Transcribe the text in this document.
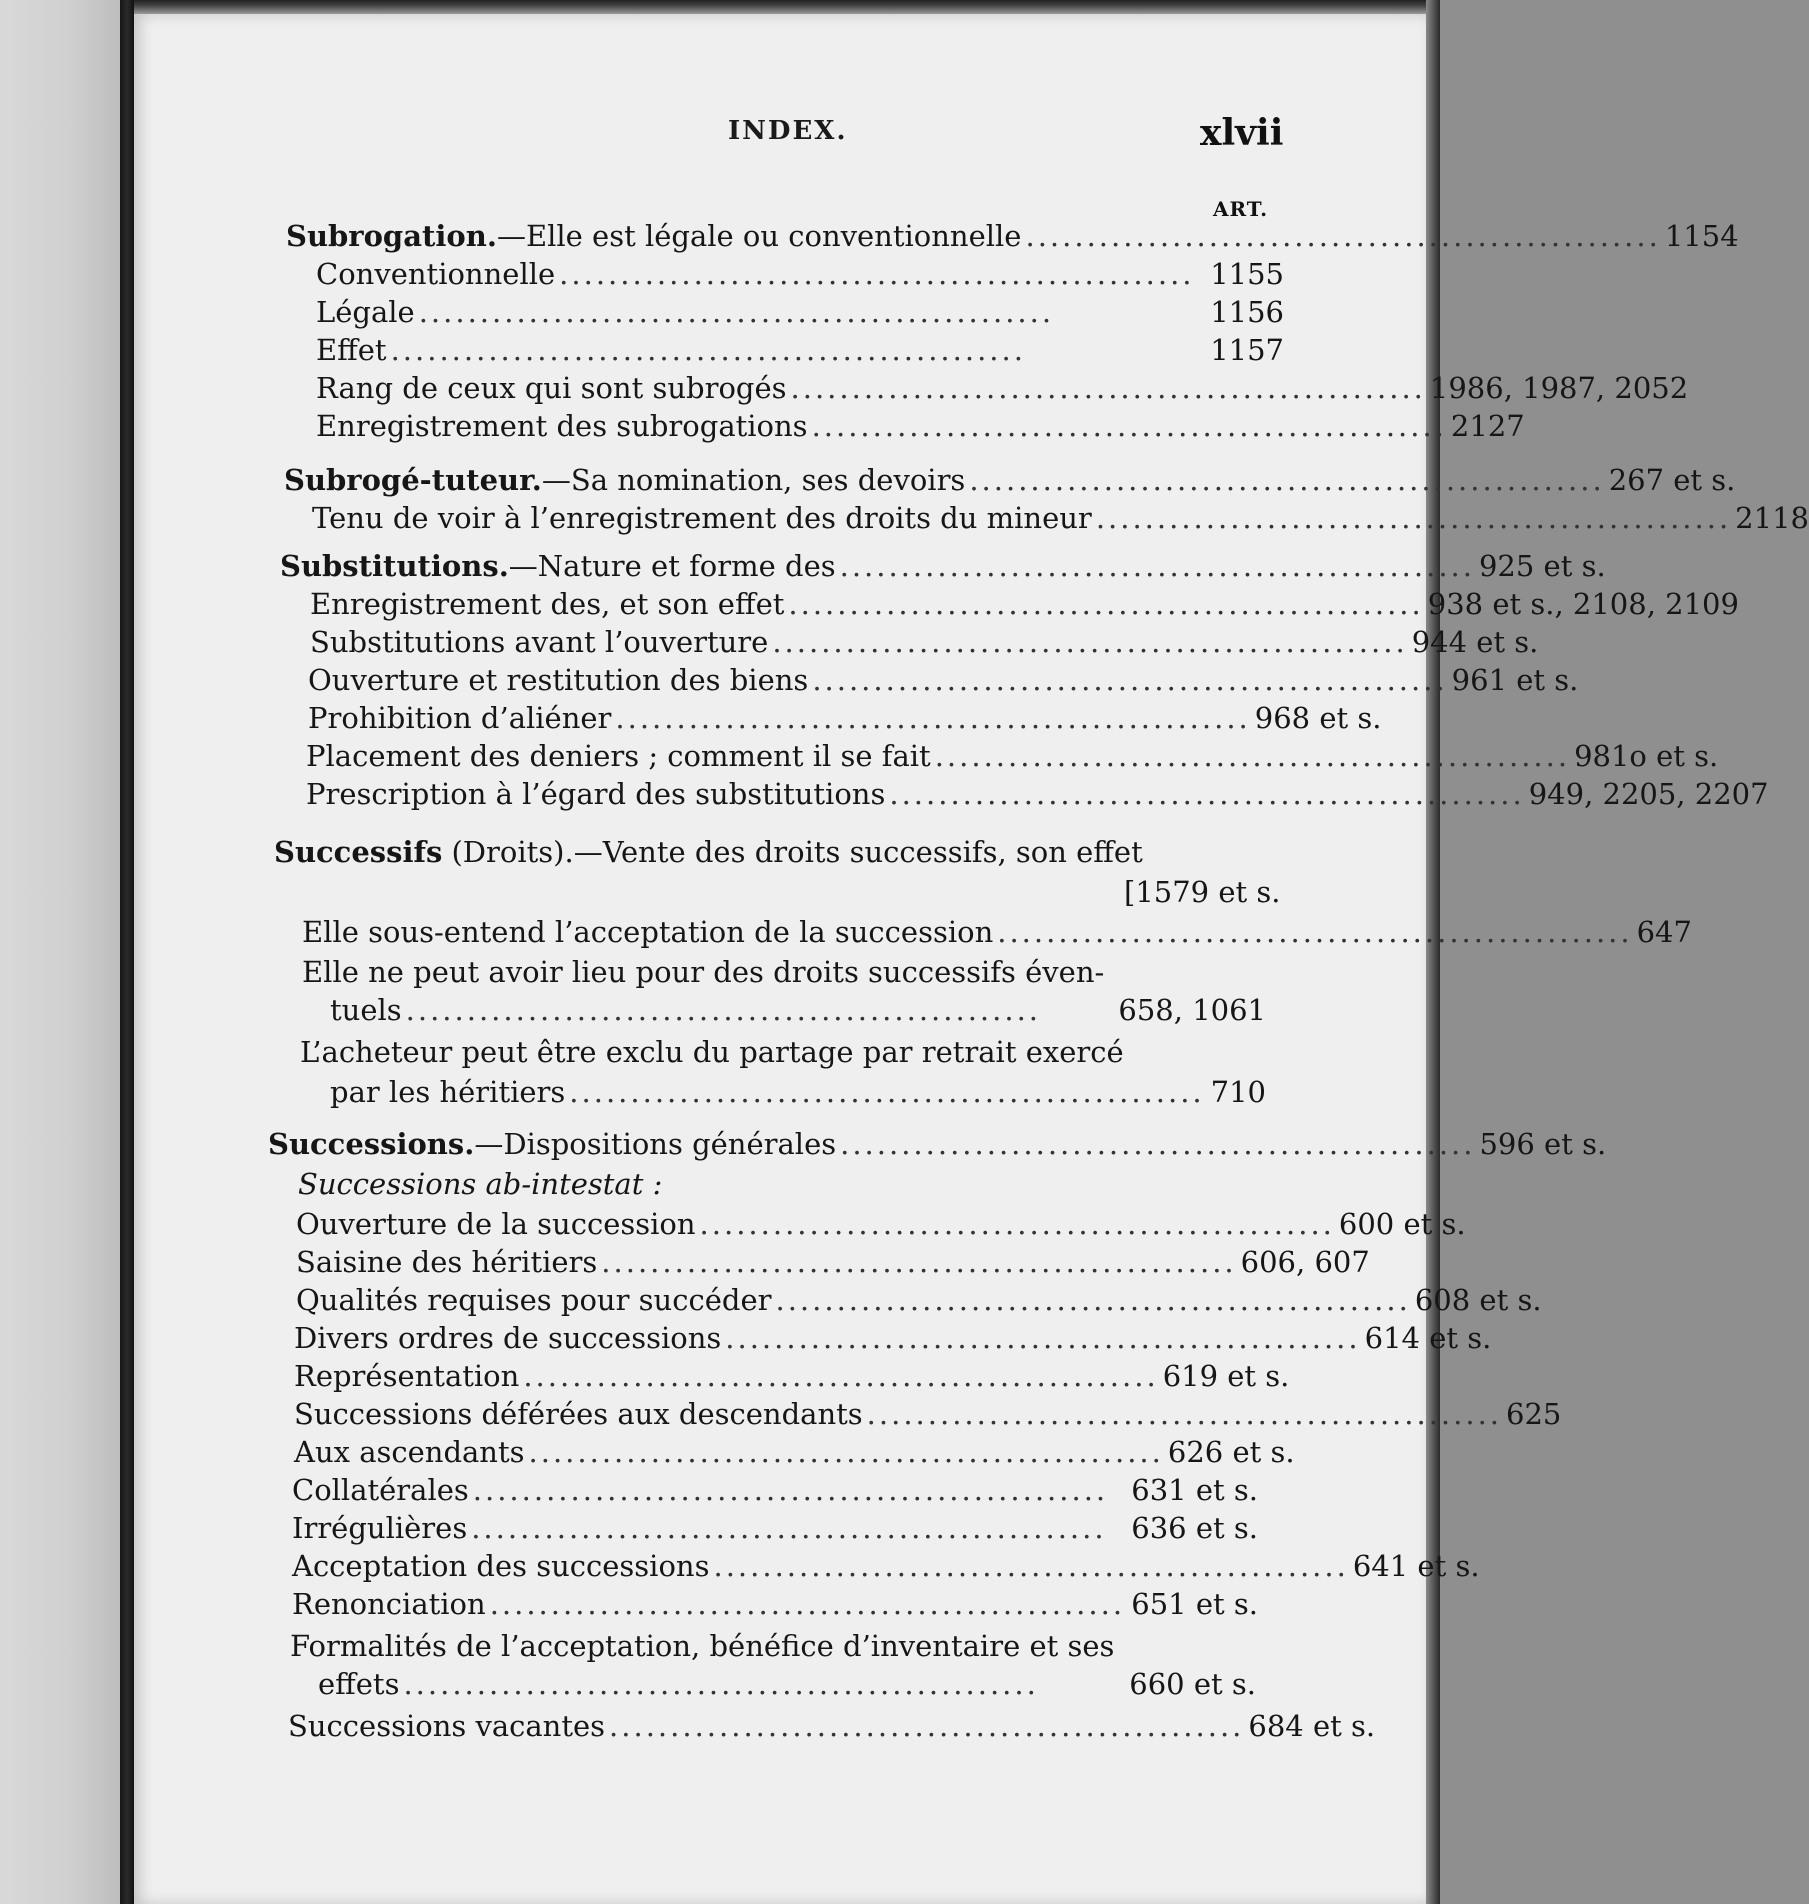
INDEX.	xlvii
ART.
Subrogation.—Elle est légale ou conventionnelle .................................................... 1154
Conventionnelle .................................................... 1155
Légale ....................................................	1156
Effet ....................................................	1157
Rang de ceux qui sont subrogés .................................................... 1986, 1987, 2052
Enregistrement des subrogations .................................................... 2127
Subrogé-tuteur.—Sa nomination, ses devoirs .................................................... 267 et s.
Tenu de voir à l’enregistrement des droits du mineur .................................................... 2118
Substitutions.—Nature et forme des .................................................... 925 et s.
Enregistrement des, et son effet .................................................... 938 et s., 2108, 2109
Substitutions avant l’ouverture .................................................... 944 et s.
Ouverture et restitution des biens .................................................... 961 et s.
Prohibition d’aliéner .................................................... 968 et s.
Placement des deniers ; comment il se fait .................................................... 981o et s.
Prescription à l’égard des substitutions .................................................... 949, 2205, 2207
Successifs (Droits).—Vente des droits successifs, son effet
[1579 et s.
Elle sous-entend l’acceptation de la succession .................................................... 647
Elle ne peut avoir lieu pour des droits successifs éven-
tuels ....................................................	658, 1061
L’acheteur peut être exclu du partage par retrait exercé
par les héritiers .................................................... 710
Successions.—Dispositions générales .................................................... 596 et s.
Successions ab-intestat :
Ouverture de la succession .................................................... 600 et s.
Saisine des héritiers .................................................... 606, 607
Qualités requises pour succéder .................................................... 608 et s.
Divers ordres de successions .................................................... 614 et s.
Représentation .................................................... 619 et s.
Successions déférées aux descendants .................................................... 625
Aux ascendants .................................................... 626 et s.
Collatérales .................................................... 631 et s.
Irrégulières .................................................... 636 et s.
Acceptation des successions .................................................... 641 et s.
Renonciation .................................................... 651 et s.
Formalités de l’acceptation, bénéfice d’inventaire et ses
effets ....................................................	660 et s.
Successions vacantes .................................................... 684 et s.
